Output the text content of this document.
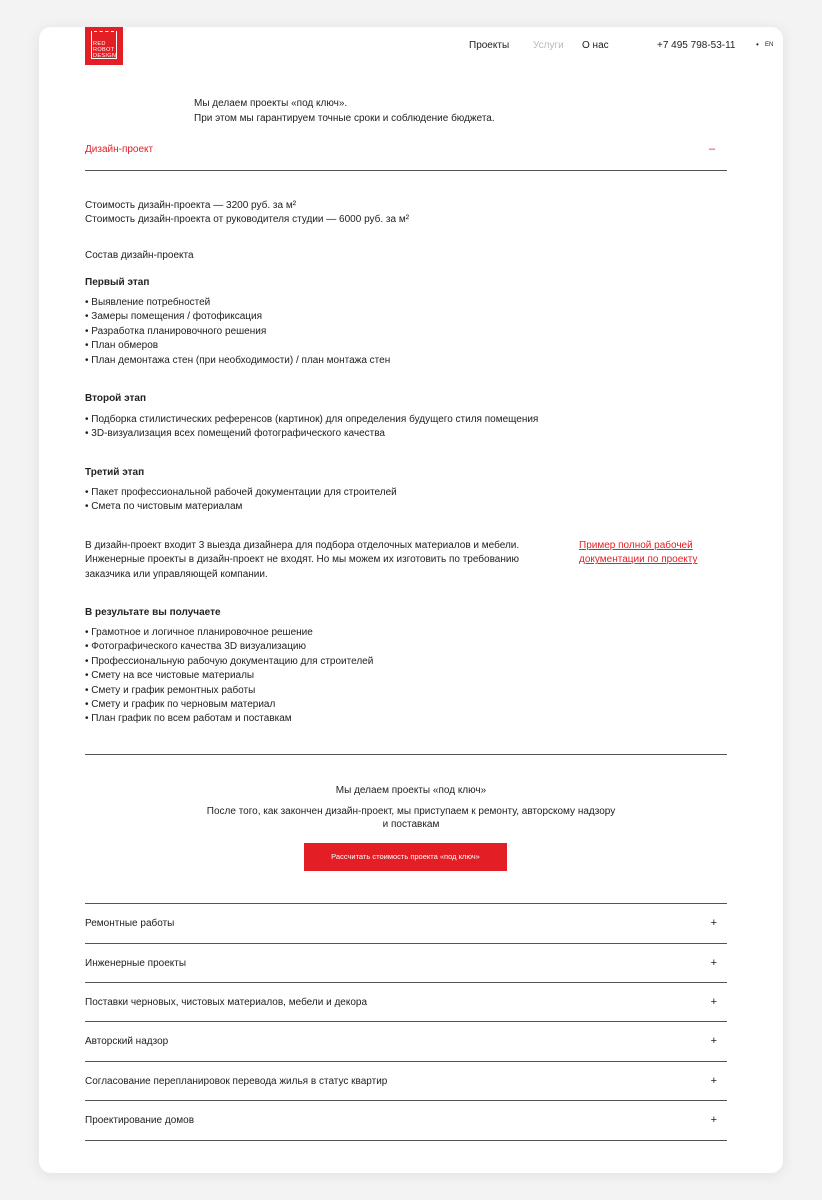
RED
ROBOT
DESIGN
Проекты Услуги О нас	+7 495 798-53-11	• EN
Мы делаем проекты «под ключ».
При этом мы гарантируем точные сроки и соблюдение бюджета.
Дизайн-проект	–
Стоимость дизайн-проекта — 3200 руб. за м²
Стоимость дизайн-проекта от руководителя студии — 6000 руб. за м²
Состав дизайн-проекта
Первый этап
• Выявление потребностей
• Замеры помещения / фотофиксация
• Разработка планировочного решения
• План обмеров
• План демонтажа стен (при необходимости) / план монтажа стен
Второй этап
• Подборка стилистических референсов (картинок) для определения будущего стиля помещения
• 3D-визуализация всех помещений фотографического качества
Третий этап
• Пакет профессиональной рабочей документации для строителей
• Смета по чистовым материалам
В дизайн-проект входит 3 выезда дизайнера для подбора отделочных материалов и мебели.
Инженерные проекты в дизайн-проект не входят. Но мы можем их изготовить по требованию
заказчика или управляющей компании.
Пример полной рабочей документации по проекту
В результате вы получаете
• Грамотное и логичное планировочное решение
• Фотографического качества 3D визуализацию
• Профессиональную рабочую документацию для строителей
• Смету на все чистовые материалы
• Смету и график ремонтных работы
• Смету и график по черновым материал
• План график по всем работам и поставкам
Мы делаем проекты «под ключ»
После того, как закончен дизайн-проект, мы приступаем к ремонту, авторскому надзору
и поставкам
Рассчитать стоимость проекта «под ключ»
Ремонтные работы	+
Инженерные проекты	+
Поставки черновых, чистовых материалов, мебели и декора	+
Авторский надзор	+
Согласование перепланировок перевода жилья в статус квартир	+
Проектирование домов	+
